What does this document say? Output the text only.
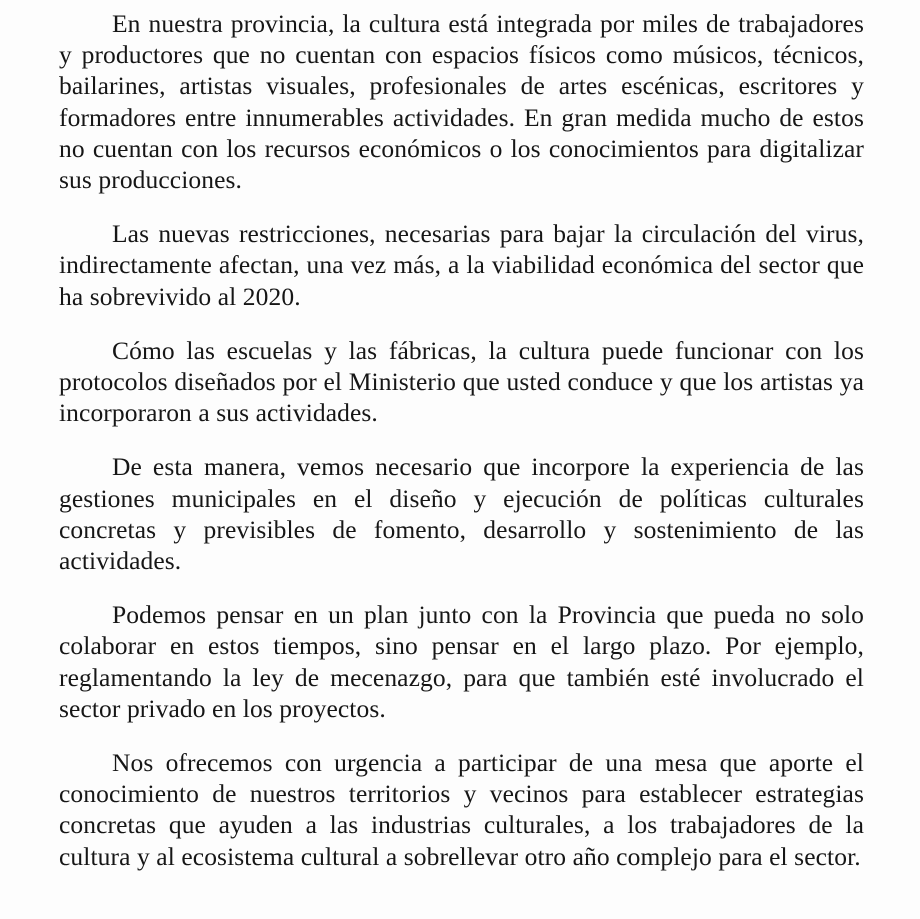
En nuestra provincia, la cultura está integrada por miles de trabajadores y productores que no cuentan con espacios físicos como músicos, técnicos, bailarines, artistas visuales, profesionales de artes escénicas, escritores y formadores entre innumerables actividades. En gran medida mucho de estos no cuentan con los recursos económicos o los conocimientos para digitalizar sus producciones.

Las nuevas restricciones, necesarias para bajar la circulación del virus, indirectamente afectan, una vez más, a la viabilidad económica del sector que ha sobrevivido al 2020.

Cómo las escuelas y las fábricas, la cultura puede funcionar con los protocolos diseñados por el Ministerio que usted conduce y que los artistas ya incorporaron a sus actividades.

De esta manera, vemos necesario que incorpore la experiencia de las gestiones municipales en el diseño y ejecución de políticas culturales concretas y previsibles de fomento, desarrollo y sostenimiento de las actividades.

Podemos pensar en un plan junto con la Provincia que pueda no solo colaborar en estos tiempos, sino pensar en el largo plazo. Por ejemplo, reglamentando la ley de mecenazgo, para que también esté involucrado el sector privado en los proyectos.

Nos ofrecemos con urgencia a participar de una mesa que aporte el conocimiento de nuestros territorios y vecinos para establecer estrategias concretas que ayuden a las industrias culturales, a los trabajadores de la cultura y al ecosistema cultural a sobrellevar otro año complejo para el sector.
